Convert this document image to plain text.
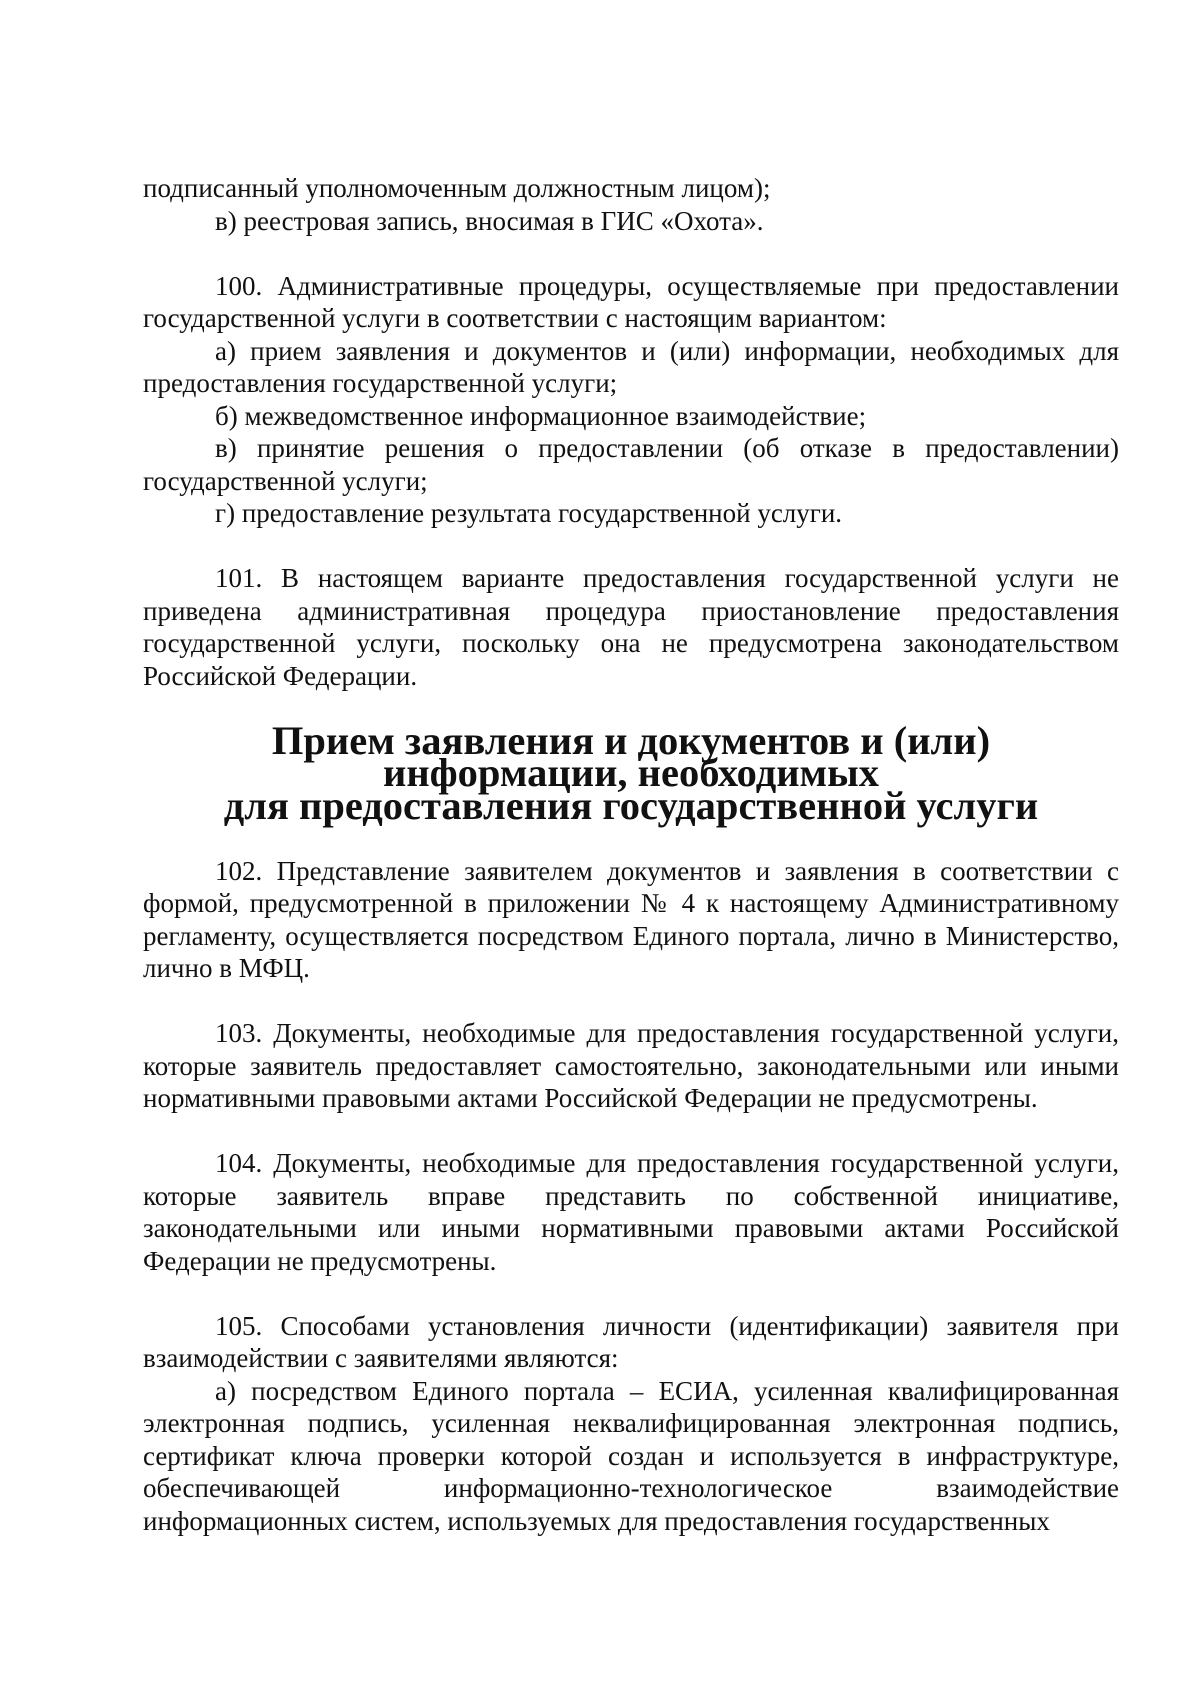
подписанный уполномоченным должностным лицом);

в) реестровая запись, вносимая в ГИС «Охота».

100. Административные процедуры, осуществляемые при предоставлении государственной услуги в соответствии с настоящим вариантом:

а) прием заявления и документов и (или) информации, необходимых для предоставления государственной услуги;

б) межведомственное информационное взаимодействие;

в) принятие решения о предоставлении (об отказе в предоставлении) государственной услуги;

г) предоставление результата государственной услуги.

101. В настоящем варианте предоставления государственной услуги не приведена административная процедура приостановление предоставления государственной услуги, поскольку она не предусмотрена законодательством Российской Федерации.

Прием заявления и документов и (или) информации, необходимых
для предоставления государственной услуги

102. Представление заявителем документов и заявления в соответствии с формой, предусмотренной в приложении № 4 к настоящему Административному регламенту, осуществляется посредством Единого портала, лично в Министерство, лично в МФЦ.

103. Документы, необходимые для предоставления государственной услуги, которые заявитель предоставляет самостоятельно, законодательными или иными нормативными правовыми актами Российской Федерации не предусмотрены.

104. Документы, необходимые для предоставления государственной услуги, которые заявитель вправе представить по собственной инициативе, законодательными или иными нормативными правовыми актами Российской Федерации не предусмотрены.

105. Способами установления личности (идентификации) заявителя при взаимодействии с заявителями являются:

а) посредством Единого портала – ЕСИА, усиленная квалифицированная электронная подпись, усиленная неквалифицированная электронная подпись, сертификат ключа проверки которой создан и используется в инфраструктуре, обеспечивающей информационно-технологическое взаимодействие информационных систем, используемых для предоставления государственных
